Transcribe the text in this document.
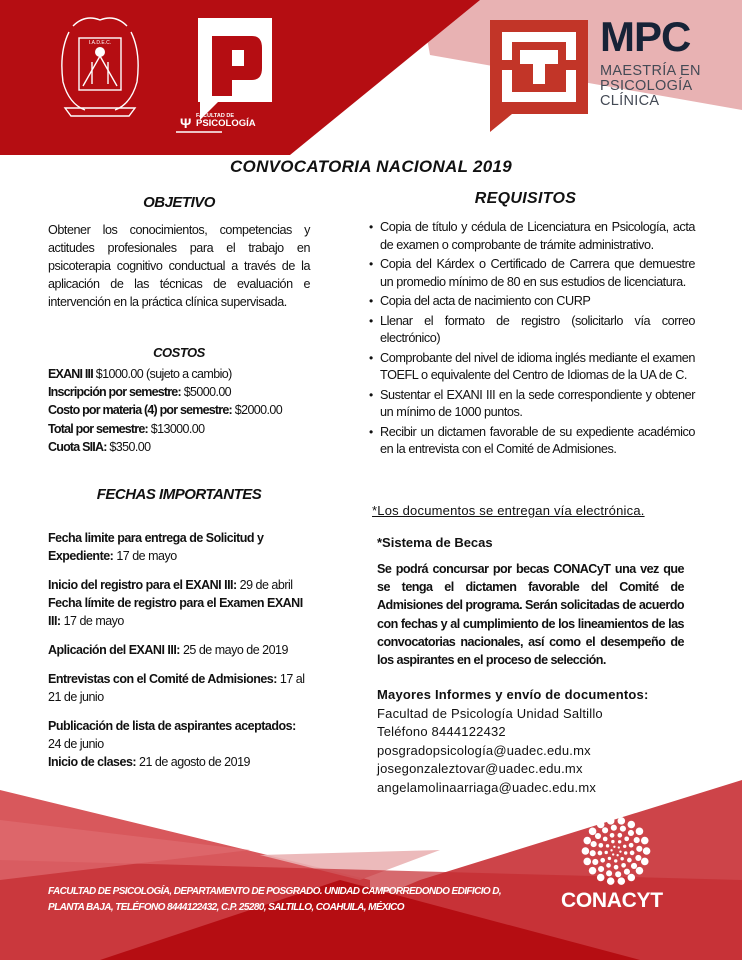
I.A.D.E.C.
Ψ FACULTAD DE
PSICOLOGÍA
MPC
MAESTRÍA EN
PSICOLOGÍA
CLÍNICA
CONVOCATORIA NACIONAL 2019
OBJETIVO
Obtener los conocimientos, competencias y actitudes profesionales para el trabajo en psicoterapia cognitivo conductual a través de la aplicación de las técnicas de evaluación e intervención en la práctica clínica supervisada.
COSTOS
EXANI III $1000.00 (sujeto a cambio)
Inscripción por semestre: $5000.00
Costo por materia (4) por semestre: $2000.00
Total por semestre: $13000.00
Cuota SIIA: $350.00
FECHAS IMPORTANTES
Fecha limite para entrega de Solicitud y Expediente: 17 de mayo
Inicio del registro para el EXANI III: 29 de abril
Fecha límite de registro para el Examen EXANI III: 17 de mayo
Aplicación del EXANI III: 25 de mayo de 2019
Entrevistas con el Comité de Admisiones: 17 al 21 de junio
Publicación de lista de aspirantes aceptados: 24 de junio
Inicio de clases: 21 de agosto de 2019
REQUISITOS
• Copia de título y cédula de Licenciatura en Psicología, acta de examen o comprobante de trámite administrativo.
• Copia del Kárdex o Certificado de Carrera que demuestre un promedio mínimo de 80 en sus estudios de licenciatura.
• Copia del acta de nacimiento con CURP
• Llenar el formato de registro (solicitarlo vía correo electrónico)
• Comprobante del nivel de idioma inglés mediante el examen TOEFL o equivalente del Centro de Idiomas de la UA de C.
• Sustentar el EXANI III en la sede correspondiente y obtener un mínimo de 1000 puntos.
• Recibir un dictamen favorable de su expediente académico en la entrevista con el Comité de Admisiones.
*Los documentos se entregan vía electrónica.
*Sistema de Becas
Se podrá concursar por becas CONACyT una vez que se tenga el dictamen favorable del Comité de Admisiones del programa. Serán solicitadas de acuerdo con fechas y al cumplimiento de los lineamientos de las convocatorias nacionales, así como el desempeño de los aspirantes en el proceso de selección.
Mayores Informes y envío de documentos:
Facultad de Psicología Unidad Saltillo
Teléfono 8444122432
posgradopsicología@uadec.edu.mx
josegonzaleztovar@uadec.edu.mx
angelamolinaarriaga@uadec.edu.mx
FACULTAD DE PSICOLOGÍA, DEPARTAMENTO DE POSGRADO. UNIDAD CAMPORREDONDO EDIFICIO D, PLANTA BAJA, TELÉFONO 8444122432, C.P. 25280, SALTILLO, COAHUILA, MÉXICO	CONACYT
